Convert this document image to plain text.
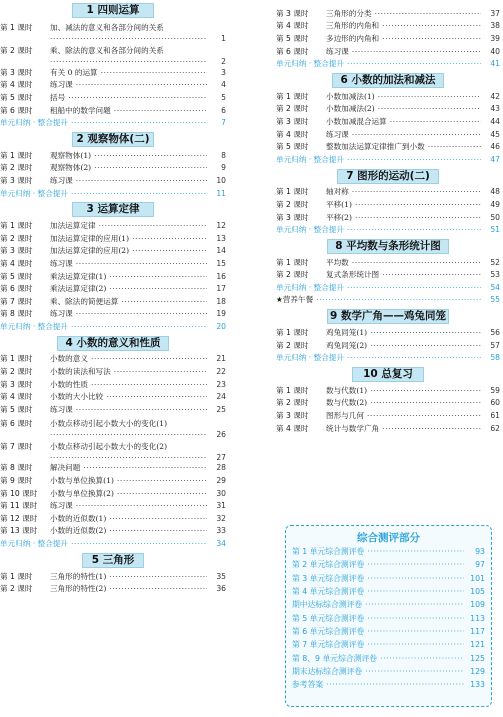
1 四则运算
第 1 课时	加、减法的意义和各部分间的关系
·····
1
第 2 课时	乘、除法的意义和各部分间的关系
·····
2
第 3 课时	有关 0 的运算 ·····	3
第 4 课时	练习课 ·····	4
第 5 课时	括号 ·····	5
第 6 课时	租船中的数学问题 ·····	6
单元归纳 · 整合提升 ·····	7
2 观察物体(二)
第 1 课时	观察物体(1) ·····	8
第 2 课时	观察物体(2) ·····	9
第 3 课时	练习课 ·····	10
单元归纳 · 整合提升 ·····	11
3 运算定律
第 1 课时	加法运算定律 ·····	12
第 2 课时	加法运算定律的应用(1) ·····	13
第 3 课时	加法运算定律的应用(2) ·····	14
第 4 课时	练习课 ·····	15
第 5 课时	乘法运算定律(1) ·····	16
第 6 课时	乘法运算定律(2) ·····	17
第 7 课时	乘、除法的简便运算 ·····	18
第 8 课时	练习课 ·····	19
单元归纳 · 整合提升 ·····	20
4 小数的意义和性质
第 1 课时	小数的意义 ·····	21
第 2 课时	小数的读法和写法 ·····	22
第 3 课时	小数的性质 ·····	23
第 4 课时	小数的大小比较 ·····	24
第 5 课时	练习课 ·····	25
第 6 课时	小数点移动引起小数大小的变化(1)
·····
26
第 7 课时	小数点移动引起小数大小的变化(2)
·····
27
第 8 课时	解决问题 ·····	28
第 9 课时	小数与单位换算(1) ·····	29
第 10 课时	小数与单位换算(2) ·····	30
第 11 课时	练习课 ·····	31
第 12 课时	小数的近似数(1) ·····	32
第 13 课时	小数的近似数(2) ·····	33
单元归纳 · 整合提升 ·····	34
5 三角形
第 1 课时	三角形的特性(1) ·····	35
第 2 课时	三角形的特性(2) ·····	36
第 3 课时	三角形的分类 ·····	37
第 4 课时	三角形的内角和 ·····	38
第 5 课时	多边形的内角和 ·····	39
第 6 课时	练习课 ·····	40
单元归纳 · 整合提升 ·····	41
6 小数的加法和减法
第 1 课时	小数加减法(1) ·····	42
第 2 课时	小数加减法(2) ·····	43
第 3 课时	小数加减混合运算 ·····	44
第 4 课时	练习课 ·····	45
第 5 课时	整数加法运算定律推广到小数 ·····	46
单元归纳 · 整合提升 ·····	47
7 图形的运动(二)
第 1 课时	轴对称 ·····	48
第 2 课时	平移(1) ·····	49
第 3 课时	平移(2) ·····	50
单元归纳 · 整合提升 ·····	51
8 平均数与条形统计图
第 1 课时	平均数 ·····	52
第 2 课时	复式条形统计图 ·····	53
单元归纳 · 整合提升 ·····	54
★营养午餐 ·····	55
9 数学广角——鸡兔同笼
第 1 课时	鸡兔同笼(1) ·····	56
第 2 课时	鸡兔同笼(2) ·····	57
单元归纳 · 整合提升 ·····	58
10 总复习
第 1 课时	数与代数(1) ·····	59
第 2 课时	数与代数(2) ·····	60
第 3 课时	图形与几何 ·····	61
第 4 课时	统计与数学广角 ·····	62
综合测评部分
第 1 单元综合测评卷 ·····	93
第 2 单元综合测评卷 ·····	97
第 3 单元综合测评卷 ·····	101
第 4 单元综合测评卷 ·····	105
期中达标综合测评卷 ·····	109
第 5 单元综合测评卷 ·····	113
第 6 单元综合测评卷 ·····	117
第 7 单元综合测评卷 ·····	121
第 8、9 单元综合测评卷 ·····	125
期末达标综合测评卷 ·····	129
参考答案 ·····	133
